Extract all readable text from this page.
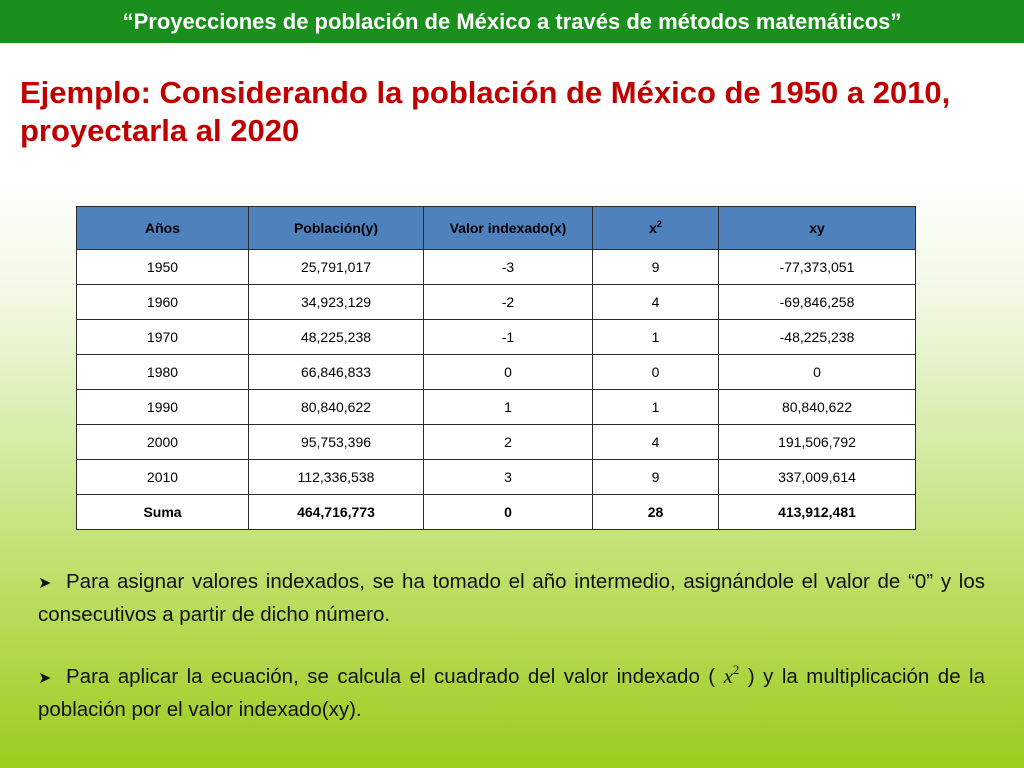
“Proyecciones de población de México a través de métodos matemáticos”
Ejemplo: Considerando la población de México de 1950 a 2010, proyectarla al 2020
Años	Población(y)	Valor indexado(x)	$x^2$	xy
1950	25,791,017	-3	9	-77,373,051
1960	34,923,129	-2	4	-69,846,258
1970	48,225,238	-1	1	-48,225,238
1980	66,846,833	0	0	0
1990	80,840,622	1	1	80,840,622
2000	95,753,396	2	4	191,506,792
2010	112,336,538	3	9	337,009,614
Suma	464,716,773	0	28	413,912,481

➤ Para asignar valores indexados, se ha tomado el año intermedio, asignándole el valor de “0” y los consecutivos a partir de dicho número.

➤ Para aplicar la ecuación, se calcula el cuadrado del valor indexado ( $x^2$ ) y la multiplicación de la población por el valor indexado(xy).
